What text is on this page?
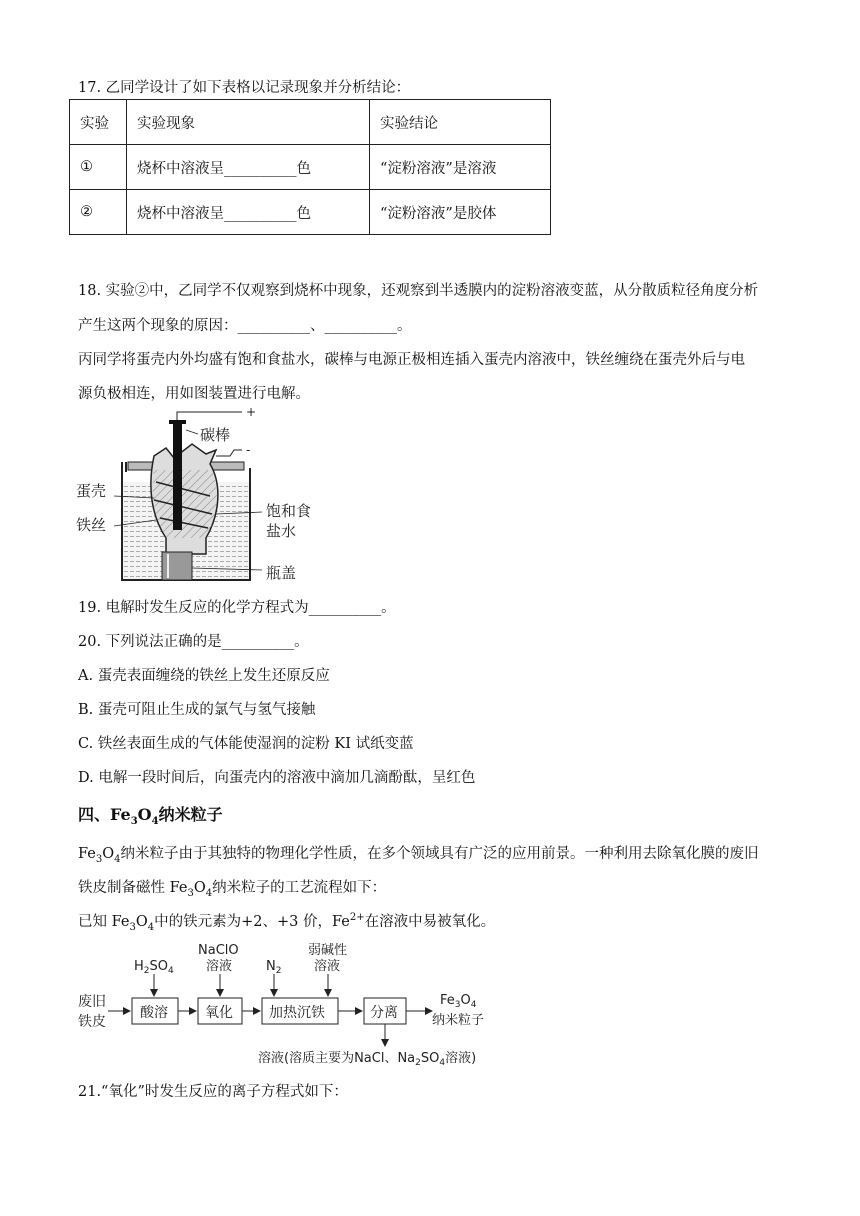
17. 乙同学设计了如下表格以记录现象并分析结论：
实验	实验现象	实验结论
①	烧杯中溶液呈__________色	“淀粉溶液”是溶液
②	烧杯中溶液呈__________色	“淀粉溶液”是胶体
18. 实验②中，乙同学不仅观察到烧杯中现象，还观察到半透膜内的淀粉溶液变蓝，从分散质粒径角度分析
产生这两个现象的原因：__________、__________。
丙同学将蛋壳内外均盛有饱和食盐水，碳棒与电源正极相连插入蛋壳内溶液中，铁丝缠绕在蛋壳外后与电
源负极相连，用如图装置进行电解。
+
-
碳棒
蛋壳
铁丝
饱和食
盐水
瓶盖
19. 电解时发生反应的化学方程式为__________。
20. 下列说法正确的是__________。
A. 蛋壳表面缠绕的铁丝上发生还原反应
B. 蛋壳可阻止生成的氯气与氢气接触
C. 铁丝表面生成的气体能使湿润的淀粉 KI 试纸变蓝
D. 电解一段时间后，向蛋壳内的溶液中滴加几滴酚酞，呈红色
四、$Fe_3O_4$纳米粒子
$Fe_3O_4$纳米粒子由于其独特的物理化学性质，在多个领域具有广泛的应用前景。一种利用去除氧化膜的废旧
铁皮制备磁性 $Fe_3O_4$纳米粒子的工艺流程如下：
已知 $Fe_3O_4$中的铁元素为+2、+3 价，$Fe^{2+}$在溶液中易被氧化。
废旧
铁皮
酸溶	氧化	加热沉铁	分离
$H_2SO_4$
NaClO
溶液	$N_2$
弱碱性
溶液
$Fe_3O_4$
纳米粒子
溶液(溶质主要为NaCl、$Na_2SO_4$溶液)
21.“氧化”时发生反应的离子方程式如下：
